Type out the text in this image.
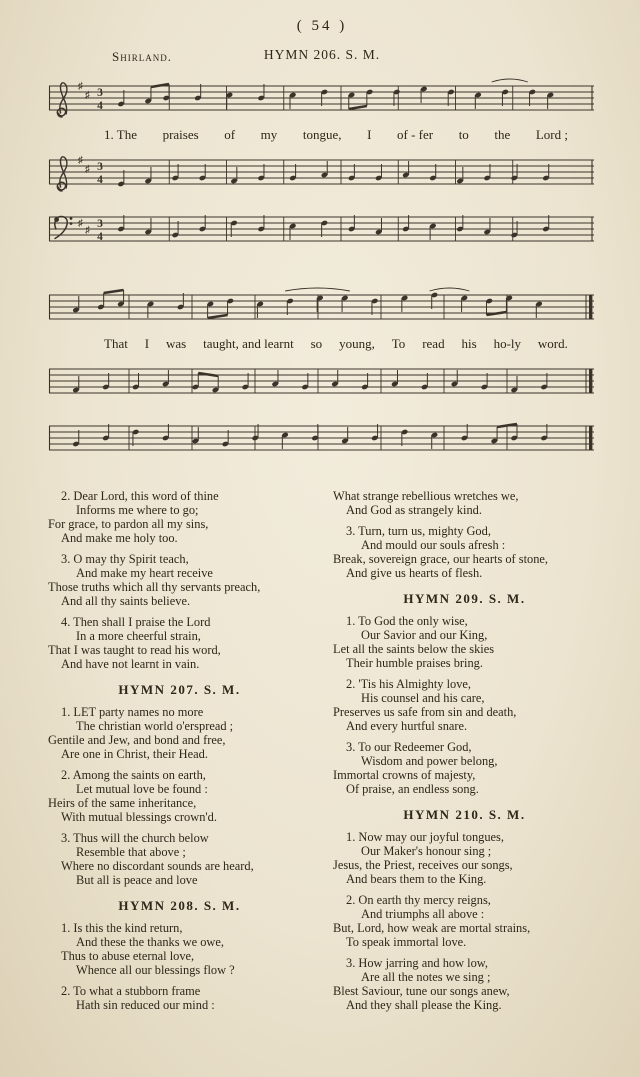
( 54 )
Shirland.	HYMN 206. S. M.
♯
♯ 3
4
1. The praises of my tongue, I of - fer to the Lord ;
♯
♯ 3
4
♯
♯
3
4
That I was taught, and learnt so young, To read his ho-ly word.
2. Dear Lord, this word of thine
Informs me where to go;
For grace, to pardon all my sins,
And make me holy too.
3. O may thy Spirit teach,
And make my heart receive
Those truths which all thy servants preach,
And all thy saints believe.
4. Then shall I praise the Lord
In a more cheerful strain,
That I was taught to read his word,
And have not learnt in vain.
HYMN 207. S. M.
1. LET party names no more
The christian world o'erspread ;
Gentile and Jew, and bond and free,
Are one in Christ, their Head.
2. Among the saints on earth,
Let mutual love be found :
Heirs of the same inheritance,
With mutual blessings crown'd.
3. Thus will the church below
Resemble that above ;
Where no discordant sounds are heard,
But all is peace and love
HYMN 208. S. M.
1. Is this the kind return,
And these the thanks we owe,
Thus to abuse eternal love,
Whence all our blessings flow ?
2. To what a stubborn frame
Hath sin reduced our mind :
What strange rebellious wretches we,
And God as strangely kind.
3. Turn, turn us, mighty God,
And mould our souls afresh :
Break, sovereign grace, our hearts of stone,
And give us hearts of flesh.
HYMN 209. S. M.
1. To God the only wise,
Our Savior and our King,
Let all the saints below the skies
Their humble praises bring.
2. 'Tis his Almighty love,
His counsel and his care,
Preserves us safe from sin and death,
And every hurtful snare.
3. To our Redeemer God,
Wisdom and power belong,
Immortal crowns of majesty,
Of praise, an endless song.
HYMN 210. S. M.
1. Now may our joyful tongues,
Our Maker's honour sing ;
Jesus, the Priest, receives our songs,
And bears them to the King.
2. On earth thy mercy reigns,
And triumphs all above :
But, Lord, how weak are mortal strains,
To speak immortal love.
3. How jarring and how low,
Are all the notes we sing ;
Blest Saviour, tune our songs anew,
And they shall please the King.
